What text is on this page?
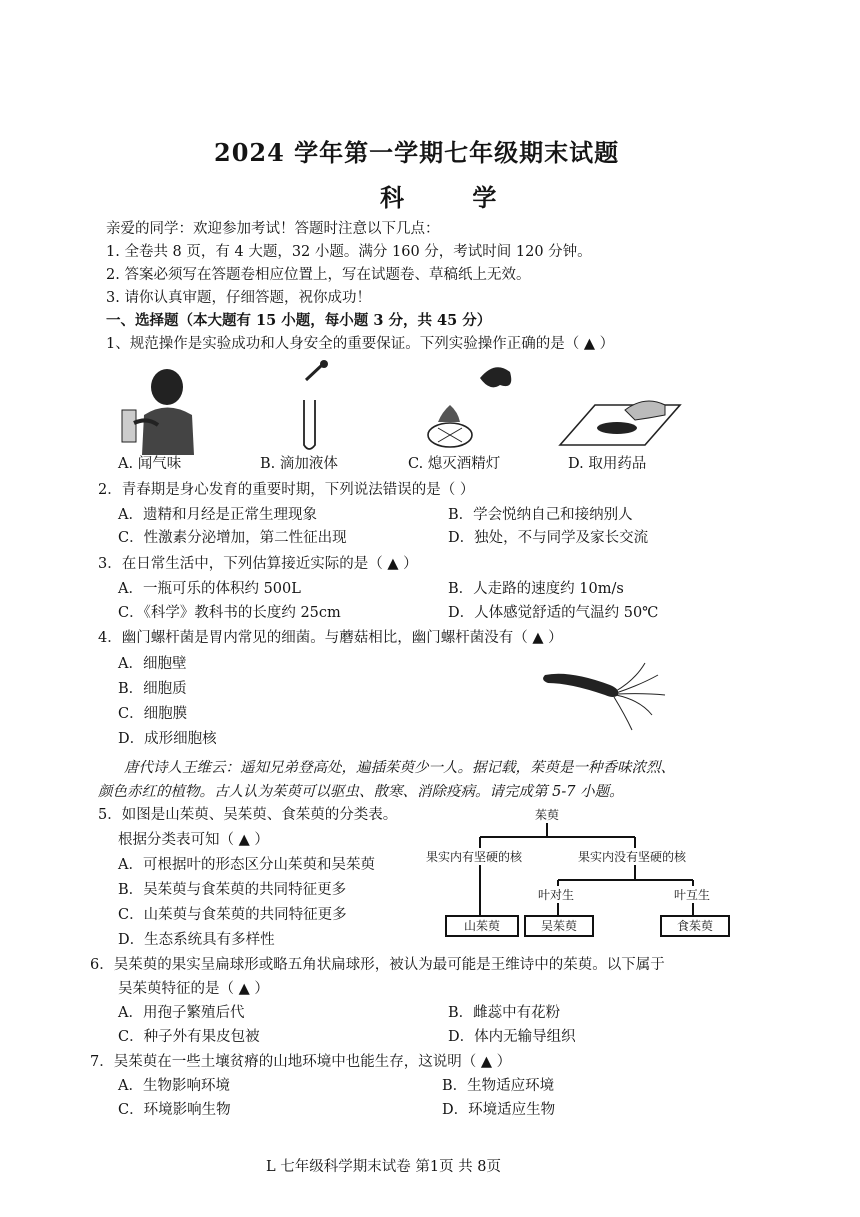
2024 学年第一学期七年级期末试题
科 学
亲爱的同学：欢迎参加考试！答题时注意以下几点：
1. 全卷共 8 页，有 4 大题，32 小题。满分 160 分，考试时间 120 分钟。
2. 答案必须写在答题卷相应位置上，写在试题卷、草稿纸上无效。
3. 请你认真审题，仔细答题，祝你成功！
一、选择题（本大题有 15 小题，每小题 3 分，共 45 分）
1、规范操作是实验成功和人身安全的重要保证。下列实验操作正确的是（ ▲ ）
A. 闻气味	B. 滴加液体	C. 熄灭酒精灯	D. 取用药品
2．青春期是身心发育的重要时期，下列说法错误的是（ ）
A．遗精和月经是正常生理现象	B．学会悦纳自己和接纳别人
C．性激素分泌增加，第二性征出现	D．独处，不与同学及家长交流
3．在日常生活中，下列估算接近实际的是（ ▲ ）
A．一瓶可乐的体积约 500L	B．人走路的速度约 10m/s
C．《科学》教科书的长度约 25cm	D．人体感觉舒适的气温约 50℃
4．幽门螺杆菌是胃内常见的细菌。与蘑菇相比，幽门螺杆菌没有（ ▲ ）
A．细胞壁
B．细胞质
C．细胞膜
D．成形细胞核
唐代诗人王维云：遥知兄弟登高处，遍插茱萸少一人。据记载，茱萸是一种香味浓烈、
颜色赤红的植物。古人认为茱萸可以驱虫、散寒、消除疫病。请完成第 5-7 小题。
5．如图是山茱萸、吴茱萸、食茱萸的分类表。
根据分类表可知（ ▲ ）
A．可根据叶的形态区分山茱萸和吴茱萸
B．吴茱萸与食茱萸的共同特征更多
C．山茱萸与食茱萸的共同特征更多
D．生态系统具有多样性
茱萸
果实内有坚硬的核	果实内没有坚硬的核
叶对生	叶互生
山茱萸	吴茱萸	食茱萸
6．吴茱萸的果实呈扁球形或略五角状扁球形，被认为最可能是王维诗中的茱萸。以下属于
吴茱萸特征的是（ ▲ ）
A．用孢子繁殖后代	B．雌蕊中有花粉
C．种子外有果皮包被	D．体内无输导组织
7．吴茱萸在一些土壤贫瘠的山地环境中也能生存，这说明（ ▲ ）
A．生物影响环境	B．生物适应环境
C．环境影响生物	D．环境适应生物
L 七年级科学期末试卷 第1页 共 8页
